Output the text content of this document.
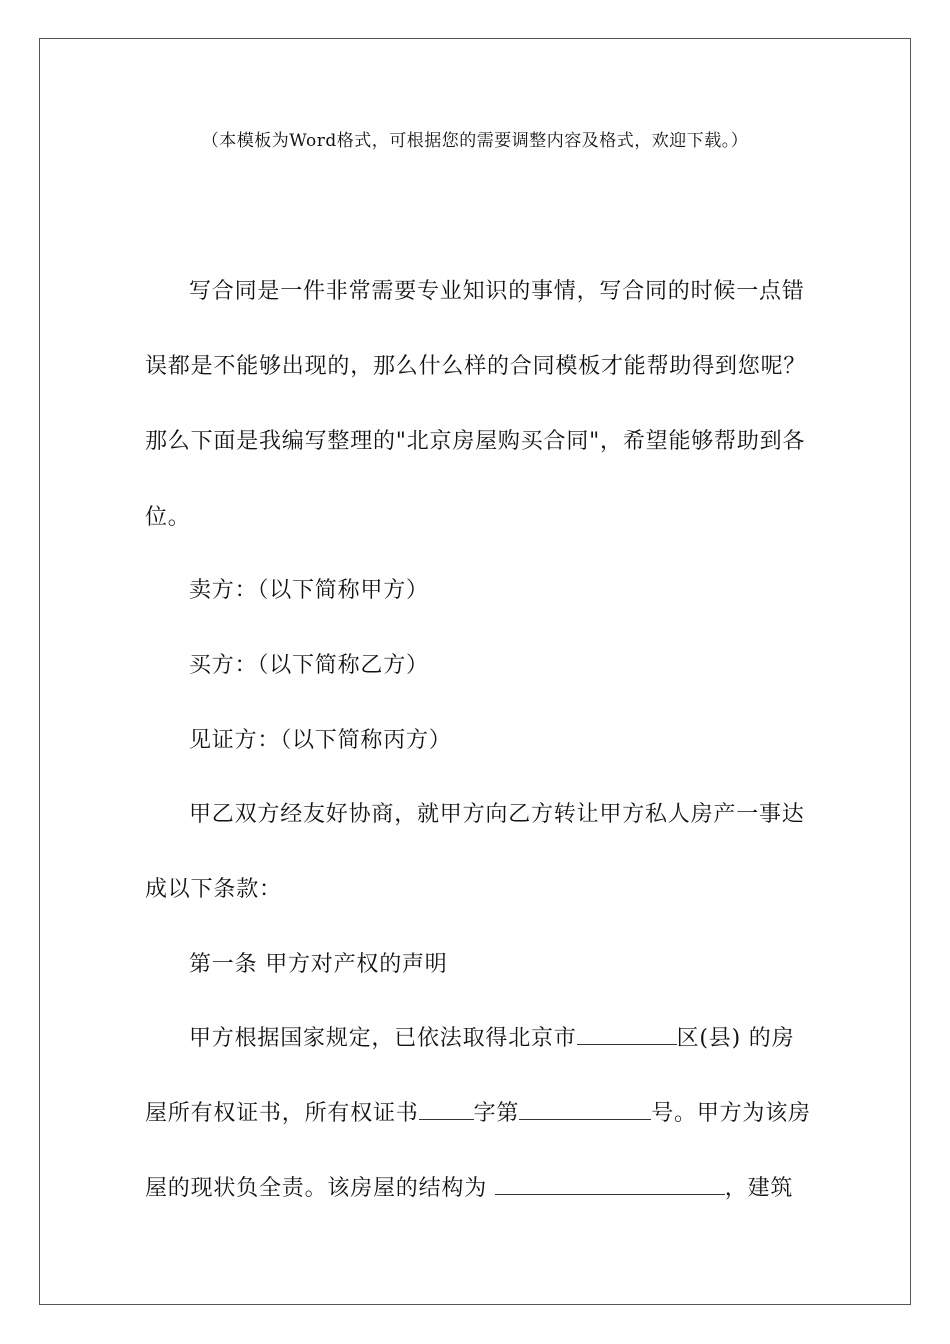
（本模板为Word格式，可根据您的需要调整内容及格式，欢迎下载。）
写合同是一件非常需要专业知识的事情，写合同的时候一点错
误都是不能够出现的，那么什么样的合同模板才能帮助得到您呢？
那么下面是我编写整理的"北京房屋购买合同"，希望能够帮助到各
位。
卖方：（以下简称甲方）
买方：（以下简称乙方）
见证方：（以下简称丙方）
甲乙双方经友好协商，就甲方向乙方转让甲方私人房产一事达
成以下条款：
第一条 甲方对产权的声明
甲方根据国家规定，已依法取得北京市	区(县) 的房
屋所有权证书，所有权证书	字第	号。甲方为该房
屋的现状负全责。该房屋的结构为	，建筑
